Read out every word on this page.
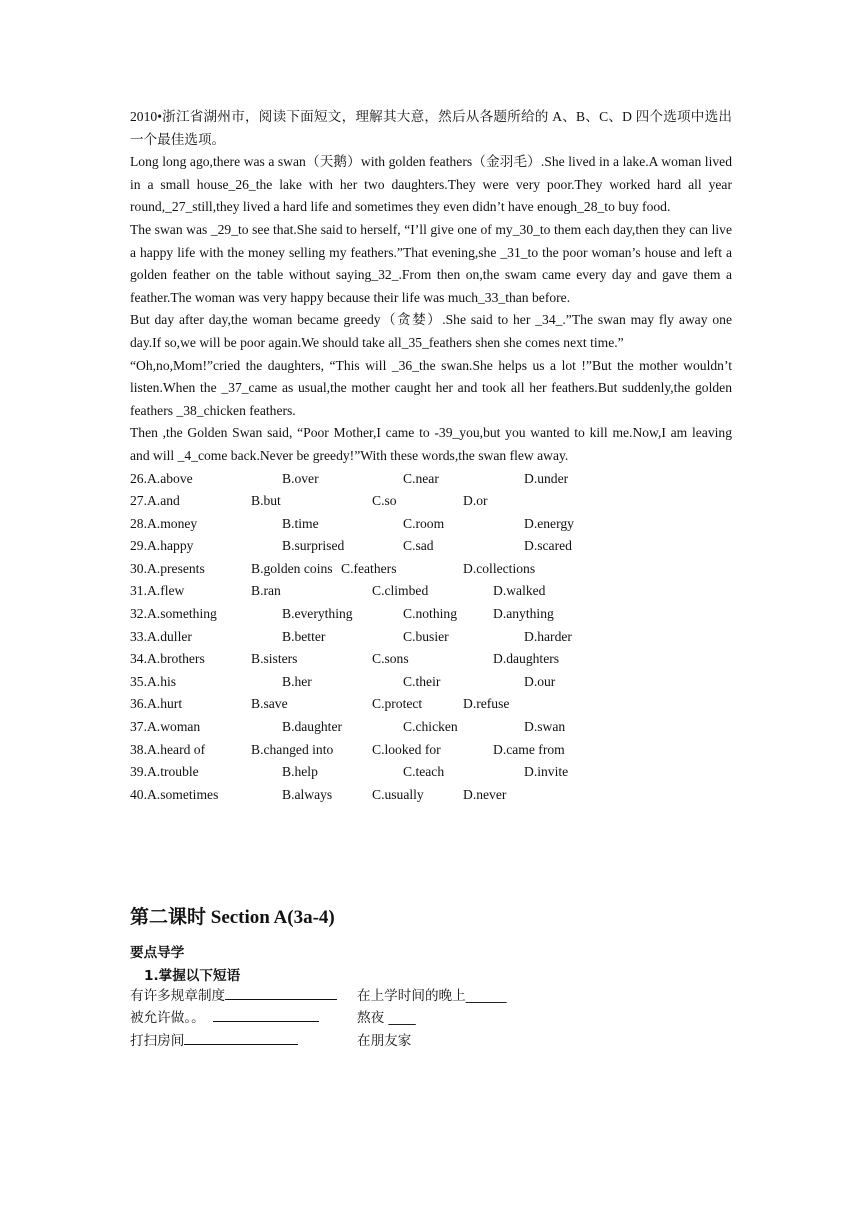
2010•浙江省湖州市，阅读下面短文，理解其大意，然后从各题所给的 A、B、C、D 四个选项中选出一个最佳选项。

Long long ago,there was a swan（天鹅）with golden feathers（金羽毛）.She lived in a lake.A woman lived in a small house_26_the lake with her two daughters.They were very poor.They worked hard all year round,_27_still,they lived a hard life and sometimes they even didn’t have enough_28_to buy food.

The swan was _29_to see that.She said to herself, “I’ll give one of my_30_to them each day,then they can live a happy life with the money selling my feathers.”That evening,she _31_to the poor woman’s house and left a golden feather on the table without saying_32_.From then on,the swam came every day and gave them a feather.The woman was very happy because their life was much_33_than before.

But day after day,the woman became greedy（贪婪）.She said to her _34_.”The swan may fly away one day.If so,we will be poor again.We should take all_35_feathers shen she comes next time.”

“Oh,no,Mom!”cried the daughters, “This will _36_the swan.She helps us a lot !”But the mother wouldn’t listen.When the _37_came as usual,the mother caught her and took all her feathers.But suddenly,the golden feathers _38_chicken feathers.

Then ,the Golden Swan said, “Poor Mother,I came to -39_you,but you wanted to kill me.Now,I am leaving and will _4_come back.Never be greedy!”With these words,the swan flew away.

26.A.above	B.over	C.near	D.under
27.A.and	B.but	C.so	D.or
28.A.money	B.time	C.room	D.energy
29.A.happy	B.surprised	C.sad	D.scared
30.A.presents	B.golden coins C.feathers	D.collections
31.A.flew	B.ran	C.climbed	D.walked
32.A.something	B.everything	C.nothing	D.anything
33.A.duller	B.better	C.busier	D.harder
34.A.brothers	B.sisters	C.sons	D.daughters
35.A.his	B.her	C.their	D.our
36.A.hurt	B.save	C.protect	D.refuse
37.A.woman	B.daughter	C.chicken	D.swan
38.A.heard of	B.changed into	C.looked for	D.came from
39.A.trouble	B.help	C.teach	D.invite
40.A.sometimes	B.always	C.usually	D.never
第二课时 Section A(3a-4)
要点导学
1.掌握以下短语
有许多规章制度	在上学时间的晚上______
被允许做。。	熬夜 ____
打扫房间	在朋友家
